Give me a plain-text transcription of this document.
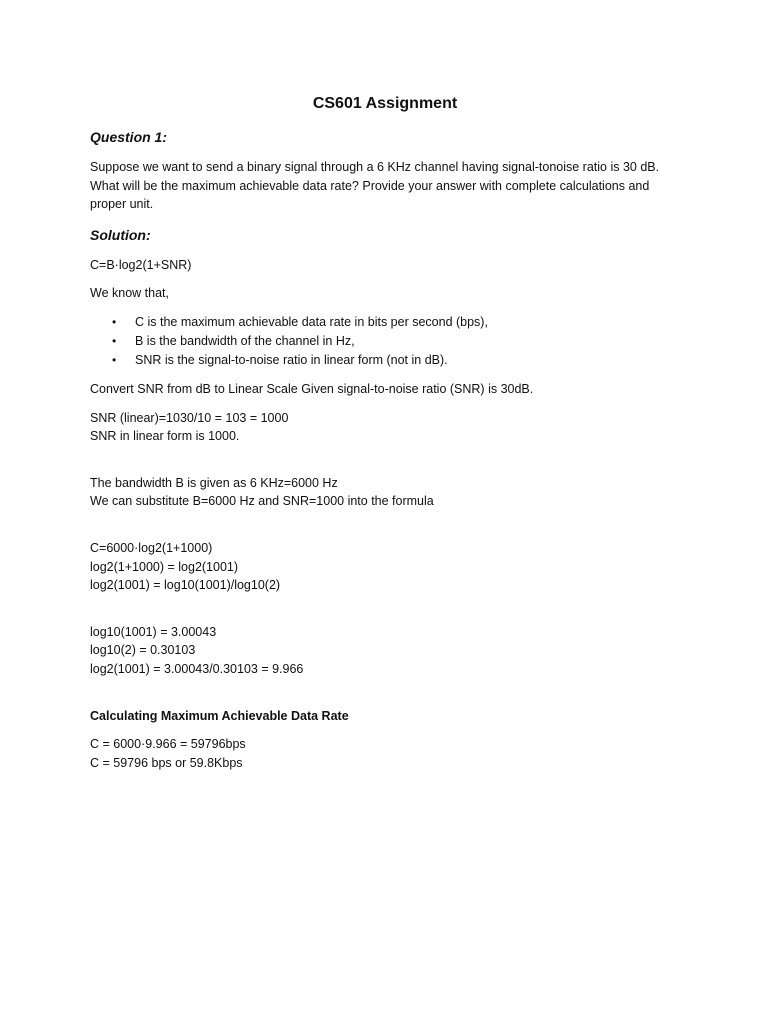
CS601 Assignment
Question 1:
Suppose we want to send a binary signal through a 6 KHz channel having signal-tonoise ratio is 30 dB.
What will be the maximum achievable data rate? Provide your answer with complete calculations and
proper unit.
Solution:
C=B·log2(1+SNR)
We know that,
• C is the maximum achievable data rate in bits per second (bps),
• B is the bandwidth of the channel in Hz,
• SNR is the signal-to-noise ratio in linear form (not in dB).
Convert SNR from dB to Linear Scale Given signal-to-noise ratio (SNR) is 30dB.
SNR (linear)=1030/10 = 103 = 1000
SNR in linear form is 1000.
The bandwidth B is given as 6 KHz=6000 Hz
We can substitute B=6000 Hz and SNR=1000 into the formula
C=6000·log2(1+1000)
log2(1+1000) = log2(1001)
log2(1001) = log10(1001)/log10(2)
log10(1001) = 3.00043
log10(2) = 0.30103
log2(1001) = 3.00043/0.30103 = 9.966
Calculating Maximum Achievable Data Rate
C = 6000·9.966 = 59796bps
C = 59796 bps or 59.8Kbps
